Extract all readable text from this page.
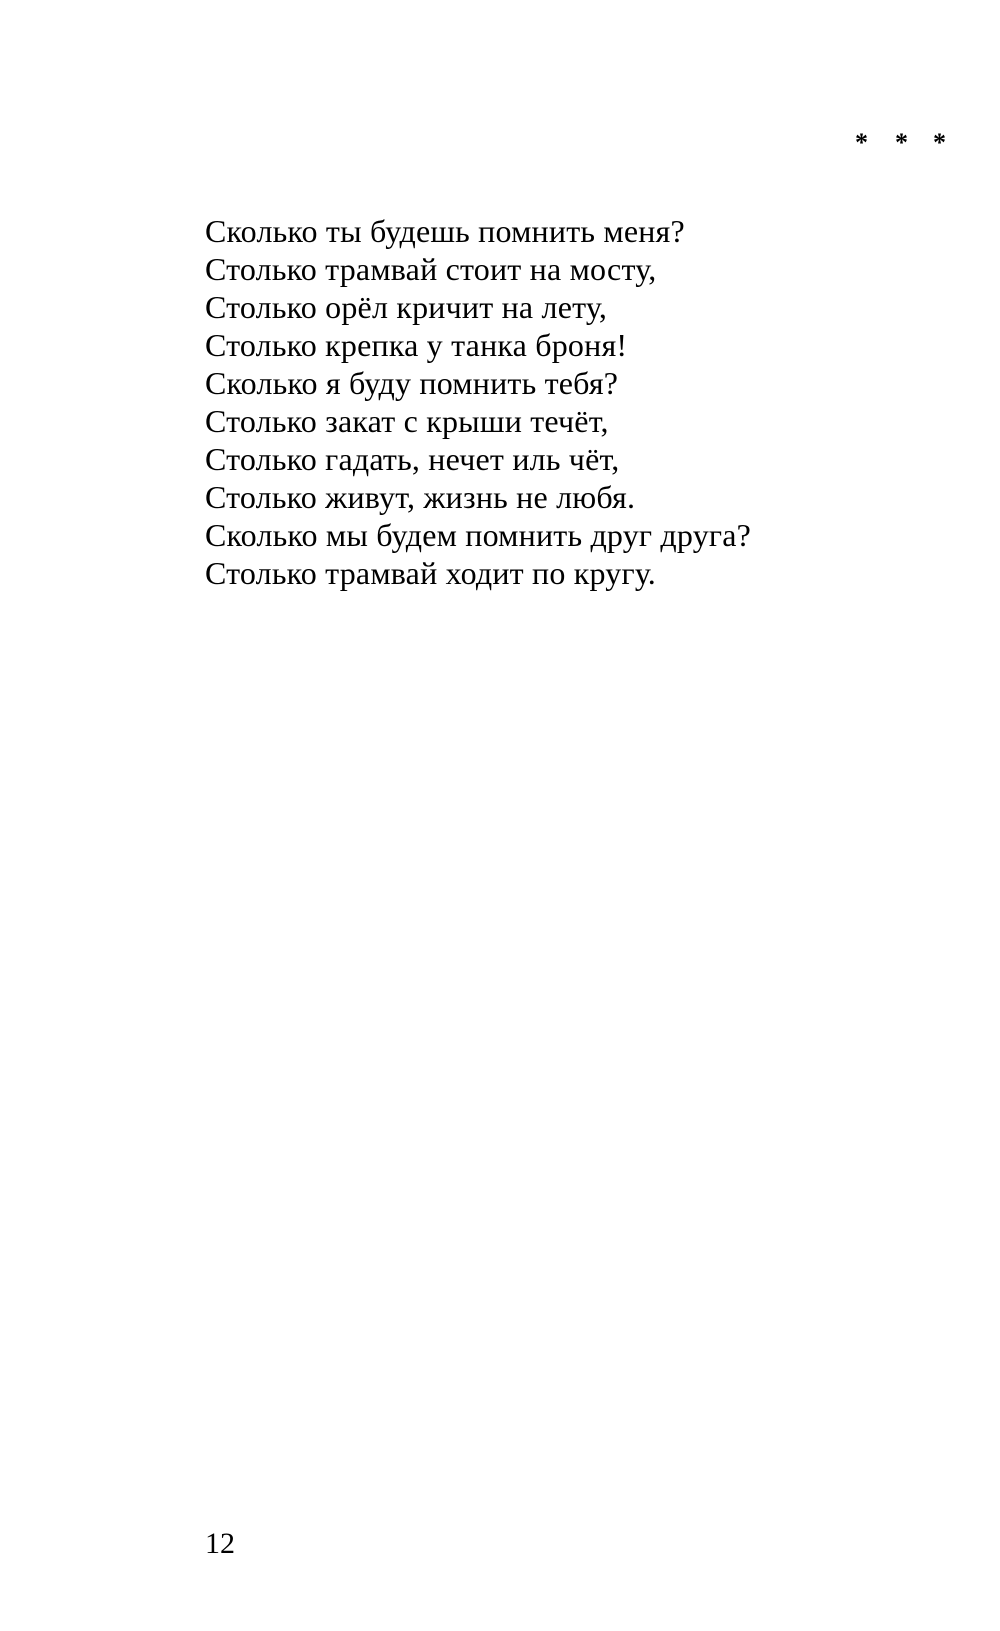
* * *
Сколько ты будешь помнить меня?
Столько трамвай стоит на мосту,
Столько орёл кричит на лету,
Столько крепка у танка броня!
Сколько я буду помнить тебя?
Столько закат с крыши течёт,
Столько гадать, нечет иль чёт,
Столько живут, жизнь не любя.
Сколько мы будем помнить друг друга?
Столько трамвай ходит по кругу.
12
